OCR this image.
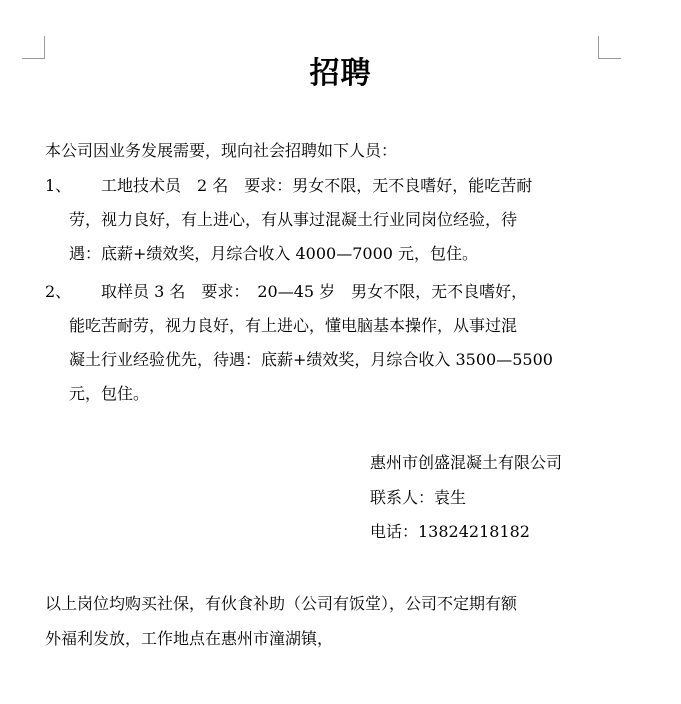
招聘
本公司因业务发展需要，现向社会招聘如下人员：
1、 工地技术员　2 名　要求：男女不限，无不良嗜好，能吃苦耐
劳，视力良好，有上进心，有从事过混凝土行业同岗位经验，待
遇：底薪+绩效奖，月综合收入 4000—7000 元，包住。
2、 取样员 3 名　要求：　20—45 岁　男女不限，无不良嗜好，
能吃苦耐劳，视力良好，有上进心，懂电脑基本操作，从事过混
凝土行业经验优先，待遇：底薪+绩效奖，月综合收入 3500—5500
元，包住。
惠州市创盛混凝土有限公司
联系人：袁生
电话：13824218182
以上岗位均购买社保，有伙食补助（公司有饭堂），公司不定期有额
外福利发放，工作地点在惠州市潼湖镇，
